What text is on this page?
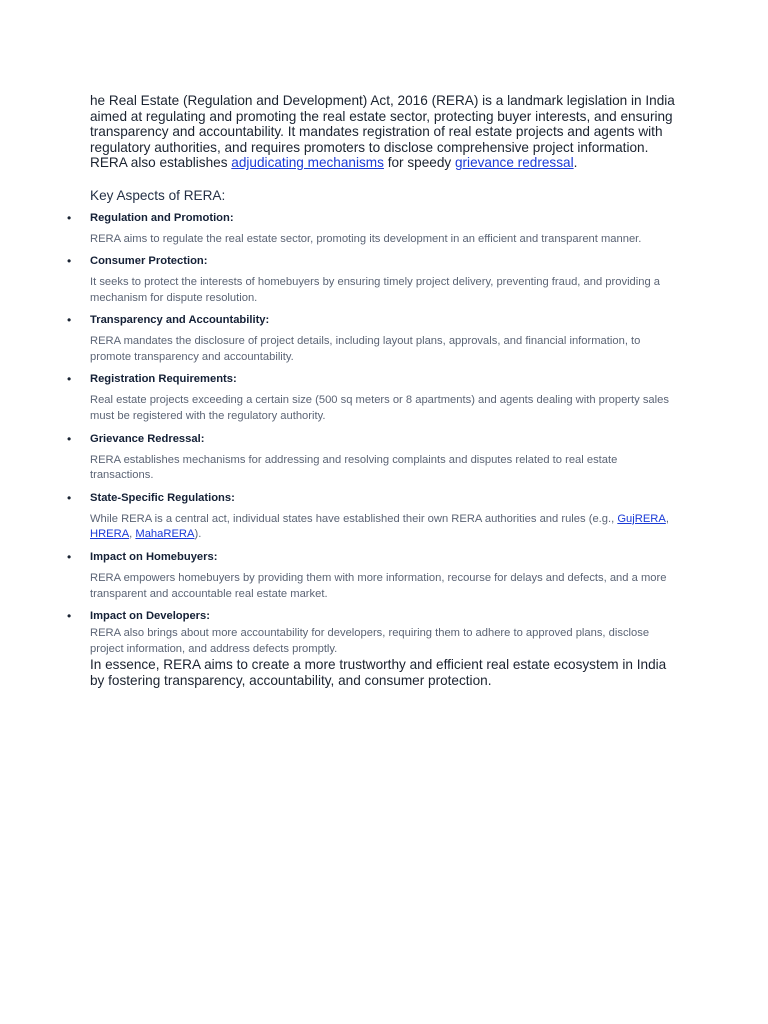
he Real Estate (Regulation and Development) Act, 2016 (RERA) is a landmark legislation in India aimed at regulating and promoting the real estate sector, protecting buyer interests, and ensuring transparency and accountability. It mandates registration of real estate projects and agents with regulatory authorities, and requires promoters to disclose comprehensive project information. RERA also establishes adjudicating mechanisms for speedy grievance redressal.

Key Aspects of RERA:
• Regulation and Promotion:
RERA aims to regulate the real estate sector, promoting its development in an efficient and transparent manner.
• Consumer Protection:
It seeks to protect the interests of homebuyers by ensuring timely project delivery, preventing fraud, and providing a mechanism for dispute resolution.
• Transparency and Accountability:
RERA mandates the disclosure of project details, including layout plans, approvals, and financial information, to promote transparency and accountability.
• Registration Requirements:
Real estate projects exceeding a certain size (500 sq meters or 8 apartments) and agents dealing with property sales must be registered with the regulatory authority.
• Grievance Redressal:
RERA establishes mechanisms for addressing and resolving complaints and disputes related to real estate transactions.
• State-Specific Regulations:
While RERA is a central act, individual states have established their own RERA authorities and rules (e.g., GujRERA, HRERA, MahaRERA).
• Impact on Homebuyers:
RERA empowers homebuyers by providing them with more information, recourse for delays and defects, and a more transparent and accountable real estate market.
• Impact on Developers:
RERA also brings about more accountability for developers, requiring them to adhere to approved plans, disclose project information, and address defects promptly.

In essence, RERA aims to create a more trustworthy and efficient real estate ecosystem in India by fostering transparency, accountability, and consumer protection.
